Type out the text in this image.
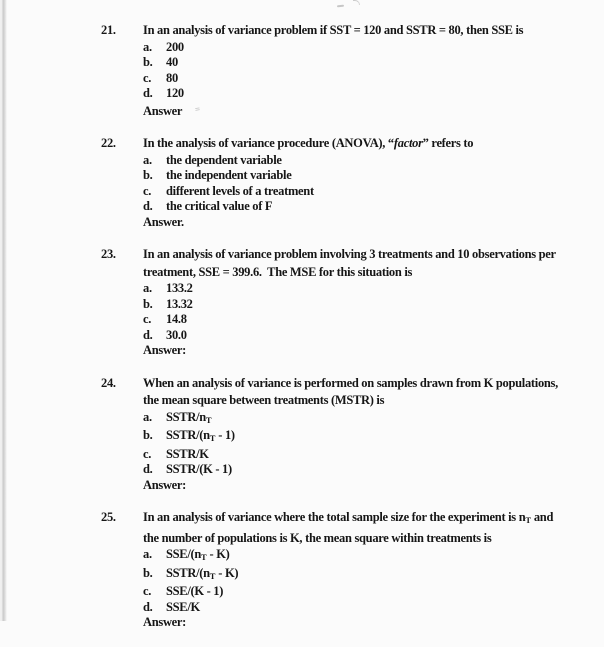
21.	In an analysis of variance problem if SST = 120 and SSTR = 80, then SSE is
a. 200
b. 40
c. 80
d. 120
Answer =
22.	In the analysis of variance procedure (ANOVA), “factor” refers to
a. the dependent variable
b. the independent variable
c. different levels of a treatment
d. the critical value of F
Answer.
23.	In an analysis of variance problem involving 3 treatments and 10 observations per
treatment, SSE = 399.6.  The MSE for this situation is
a. 133.2
b. 13.32
c. 14.8
d. 30.0
Answer:
24.	When an analysis of variance is performed on samples drawn from K populations,
the mean square between treatments (MSTR) is
a. SSTR/nT
b. SSTR/(nT - 1)
c. SSTR/K
d. SSTR/(K - 1)
Answer:
25.	In an analysis of variance where the total sample size for the experiment is nT and
the number of populations is K, the mean square within treatments is
a. SSE/(nT - K)
b. SSTR/(nT - K)
c. SSE/(K - 1)
d. SSE/K
Answer:
